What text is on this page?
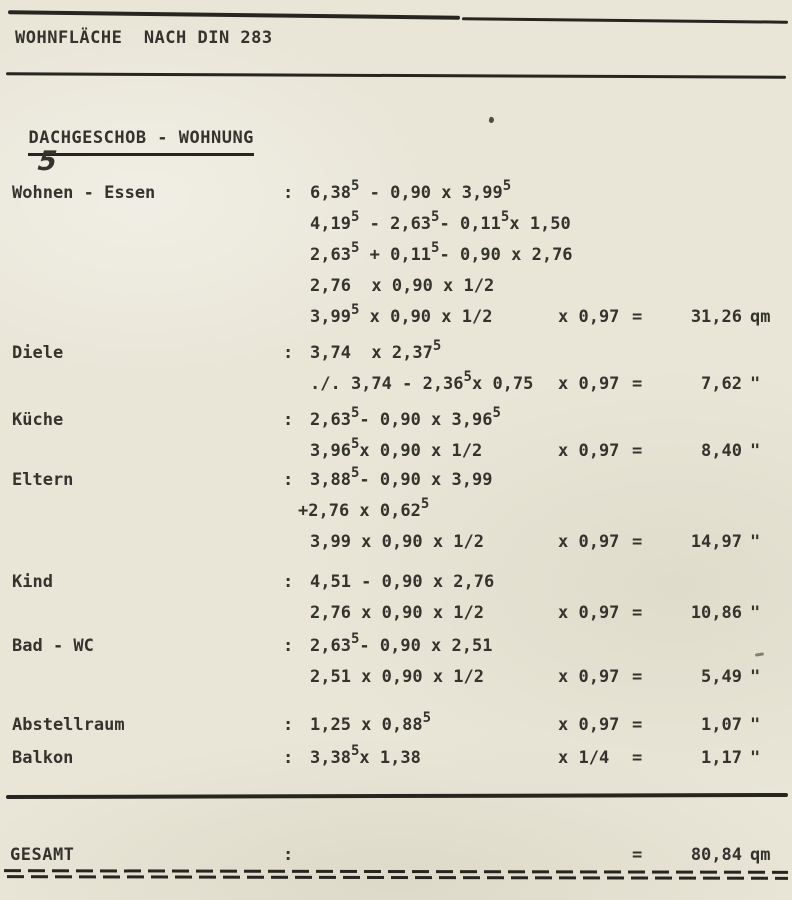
WOHNFLÄCHE  NACH DIN 283

DACHGESCHOB - WOHNUNG
5

Wohnen - Essen	: 6,38$^5$ - 0,90 x 3,99$^5$
4,19$^5$ - 2,63$^5$- 0,11$^5$x 1,50
$2,63^5 + 0,11^5-$ 0,90 x 2,76
2,76  x 0,90 x 1/2
3,99$^5$ x 0,90 x 1/2	x 0,97 =	31,26 qm
Diele	: 3,74  x 2,37$^5$
./. 3,74 - 2,36$^5$x 0,75 x 0,97 =	7,62 "
Küche	: 2,63$^5$- 0,90 x 3,96$^5$
3,96$^5$x 0,90 x 1/2	x 0,97 =	8,40 "
Eltern	: 3,88$^5$- 0,90 x 3,99
+2,76 x 0,62$^5$
3,99 x 0,90 x 1/2	x 0,97 =	14,97 "
Kind	: 4,51 - 0,90 x 2,76
2,76 x 0,90 x 1/2	x 0,97 =	10,86 "
Bad - WC	: 2,63$^5$- 0,90 x 2,51
2,51 x 0,90 x 1/2	x 0,97 =	5,49 "
Abstellraum	: 1,25 x 0,88$^5$	x 0,97 =	1,07 "
Balkon	: 3,38$^5$x 1,38	x 1/4 =	1,17 "
GESAMT	:	=	80,84 qm
